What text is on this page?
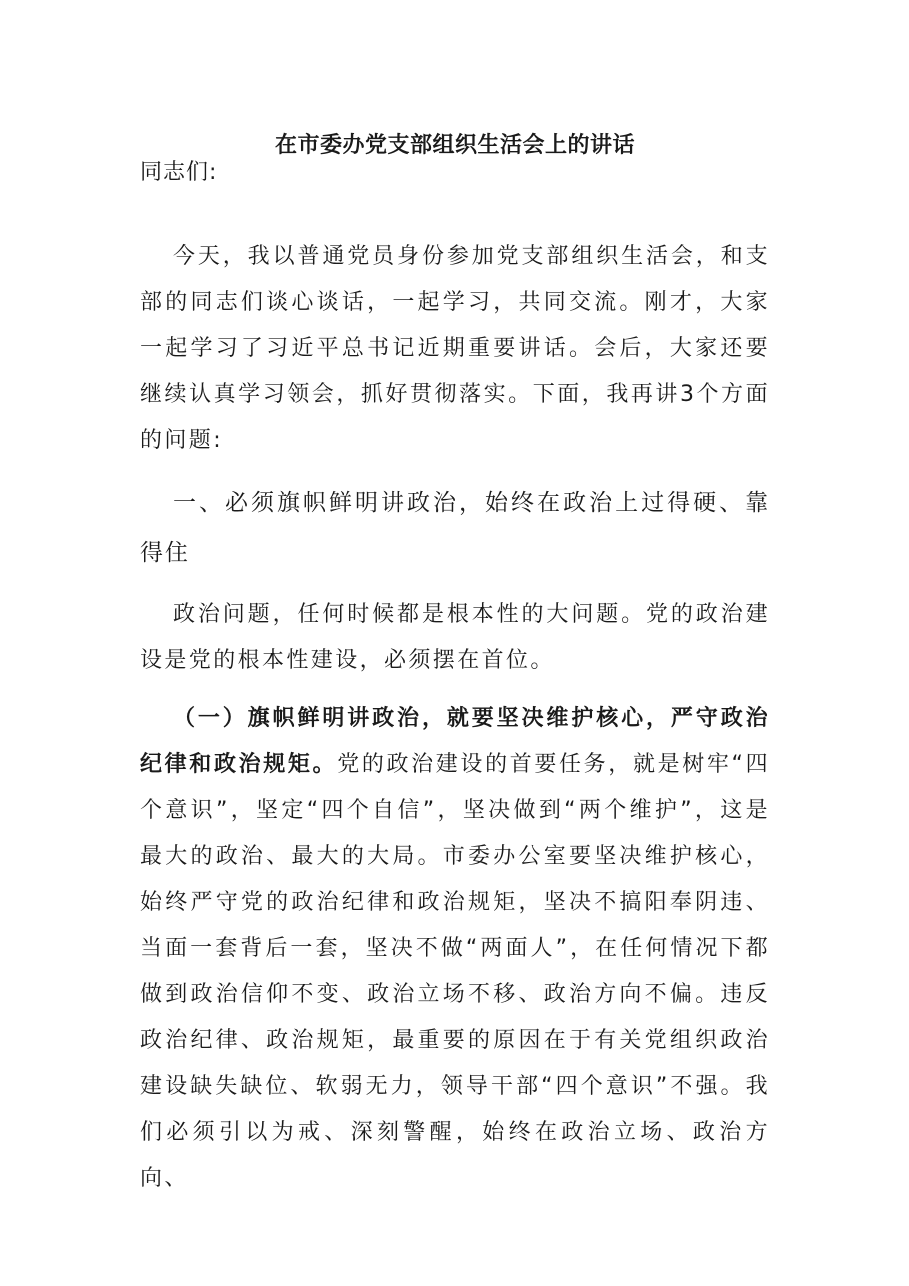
在市委办党支部组织生活会上的讲话
同志们:

今天，我以普通党员身份参加党支部组织生活会，和支部的同志们谈心谈话，一起学习，共同交流。刚才，大家一起学习了习近平总书记近期重要讲话。会后，大家还要继续认真学习领会，抓好贯彻落实。下面，我再讲3个方面的问题:

一、必须旗帜鲜明讲政治，始终在政治上过得硬、靠得住

政治问题，任何时候都是根本性的大问题。党的政治建设是党的根本性建设，必须摆在首位。

（一）旗帜鲜明讲政治，就要坚决维护核心，严守政治纪律和政治规矩。党的政治建设的首要任务，就是树牢“四个意识”，坚定“四个自信”，坚决做到“两个维护”，这是最大的政治、最大的大局。市委办公室要坚决维护核心，始终严守党的政治纪律和政治规矩，坚决不搞阳奉阴违、当面一套背后一套，坚决不做“两面人”，在任何情况下都做到政治信仰不变、政治立场不移、政治方向不偏。违反政治纪律、政治规矩，最重要的原因在于有关党组织政治建设缺失缺位、软弱无力，领导干部“四个意识”不强。我们必须引以为戒、深刻警醒，始终在政治立场、政治方向、
